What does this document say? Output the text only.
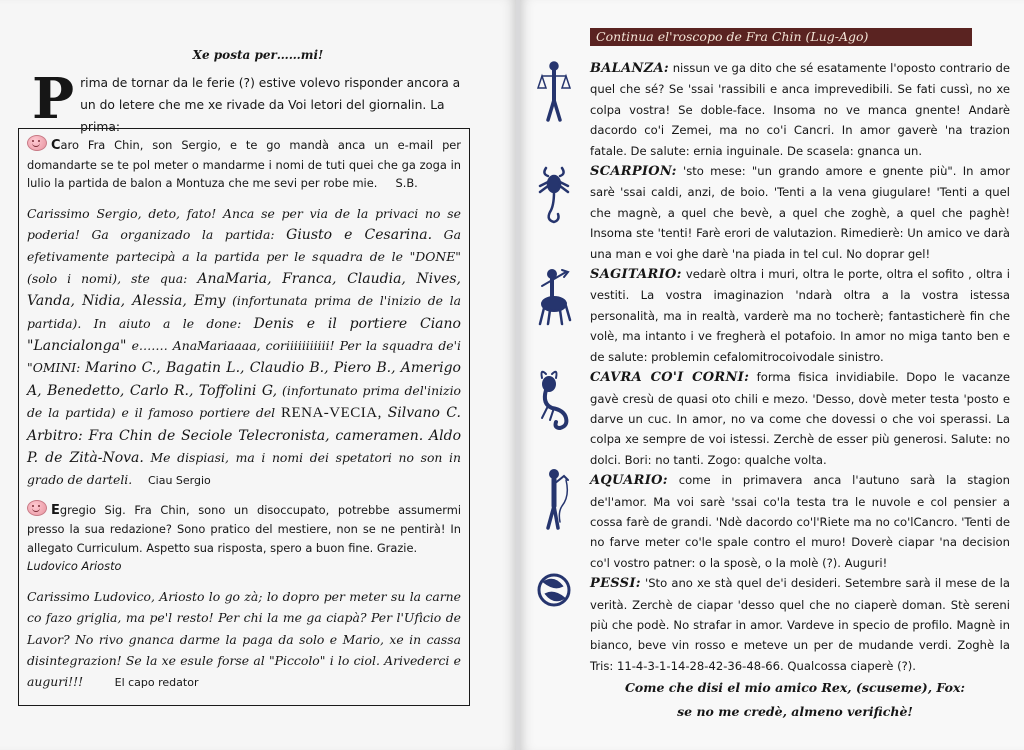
Xe posta per……mi!
P rima de tornar da le ferie (?) estive volevo risponder ancora a un do letere che me xe rivade da Voi letori del giornalin. La prima:

Caro Fra Chin, son Sergio, e te go mandà anca un e-mail per domandarte se te pol meter o mandarme i nomi de tuti quei che ga zoga in lulio la partida de balon a Montuza che me sevi per robe mie. S.B.

Carissimo Sergio, deto, fato! Anca se per via de la privaci no se poderia! Ga organizado la partida: Giusto e Cesarina. Ga efetivamente partecipà a la partida per le squadra de le "DONE"(solo i nomi), ste qua: AnaMaria, Franca, Claudia, Nives, Vanda, Nidia, Alessia, Emy (infortunata prima de l'inizio de la partida). In aiuto a le done: Denis e il portiere Ciano "Lancialonga" e……. AnaMariaaaa, coriiiiiiiiiii! Per la squadra de'i "OMINI: Marino C., Bagatin L., Claudio B., Piero B., Amerigo A, Benedetto, Carlo R., Toffolini G, (infortunato prima del'inizio de la partida) e il famoso portiere del RENA-VECIA, Silvano C. Arbitro: Fra Chin de Seciole Telecronista, cameramen. Aldo P. de Zità-Nova. Me dispiasi, ma i nomi dei spetatori no son in grado de darteli. Ciau Sergio

Egregio Sig. Fra Chin, sono un disoccupato, potrebbe assumermi presso la sua redazione? Sono pratico del mestiere, non se ne pentirà! In allegato Curriculum. Aspetto sua risposta, spero a buon fine. Grazie.
Ludovico Ariosto

Carissimo Ludovico, Ariosto lo go zà; lo dopro per meter su la carne co fazo griglia, ma pe'l resto! Per chi la me ga ciapà? Per l'Ufìcio de Lavor? No rivo gnanca darme la paga da solo e Mario, xe in cassa disintegrazion! Se la xe esule forse al "Piccolo" i lo ciol. Arivederci e auguri!!!	El capo redator

Continua el'roscopo de Fra Chin (Lug-Ago)

BALANZA: nissun ve ga dito che sé esatamente l'oposto contrario de quel che sé? Se 'ssai 'rassibili e anca imprevedibili. Se fati cussì, no xe colpa vostra! Se doble-face. Insoma no ve manca gnente! Andarè dacordo co'i Zemei, ma no co'i Cancri. In amor gaverè 'na trazion fatale. De salute: ernia inguinale. De scasela: gnanca un.

SCARPION: 'sto mese: "un grando amore e gnente più". In amor sarè 'ssai caldi, anzi, de boio. 'Tenti a la vena giugulare! 'Tenti a quel che magnè, a quel che bevè, a quel che zoghè, a quel che paghè! Insoma ste 'tenti! Farè erori de valutazion. Rimedierè: Un amico ve darà una man e voi ghe darè 'na piada in tel cul. No doprar gel!

SAGITARIO: vedarè oltra i muri, oltra le porte, oltra el sofito , oltra i vestiti. La vostra imaginazion 'ndarà oltra a la vostra istessa personalità, ma in realtà, varderè ma no tocherè; fantasticherè fin che volè, ma intanto i ve fregherà el potafoio. In amor no miga tanto ben e de salute: problemin cefalomitrocoivodale sinistro.

CAVRA CO'I CORNI: forma fisica invidiabile. Dopo le vacanze gavè cresù de quasi oto chili e mezo. 'Desso, dovè meter testa 'posto e darve un cuc. In amor, no va come che dovessi o che voi sperassi. La colpa xe sempre de voi istessi. Zerchè de esser più generosi. Salute: no dolci. Bori: no tanti. Zogo: qualche volta.

AQUARIO: come in primavera anca l'autuno sarà la stagion de'l'amor. Ma voi sarè 'ssai co'la testa tra le nuvole e col pensier a cossa farè de grandi. 'Ndè dacordo co'l'Riete ma no co'lCancro. 'Tenti de no farve meter co'le spale contro el muro! Doverè ciapar 'na decision co'l vostro patner: o la sposè, o la molè (?). Auguri!

PESSI: 'Sto ano xe stà quel de'i desideri. Setembre sarà il mese de la verità. Zerchè de ciapar 'desso quel che no ciaperè doman. Stè sereni più che podè. No strafar in amor. Vardeve in specio de profilo. Magnè in bianco, beve vin rosso e meteve un per de mudande verdi. Zoghè la Tris: 11-4-3-1-14-28-42-36-48-66. Qualcossa ciaperè (?).

Come che disi el mio amico Rex, (scuseme), Fox:
se no me credè, almeno verifichè!
